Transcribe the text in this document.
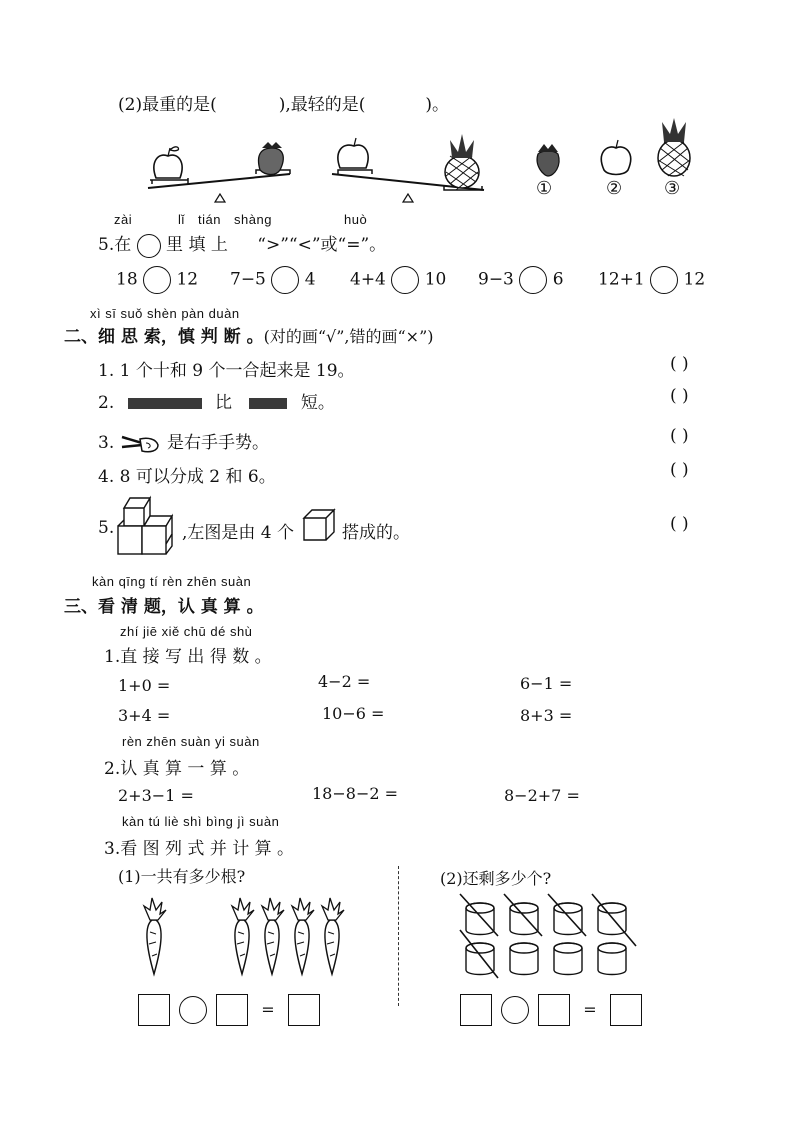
(2)最重的是(	),最轻的是(	)。
①	② ③
zài	lǐ tián shàng	huò
5.在 里 填 上 “>”“<”或“=”。
18 12 7−5 4 4+4 10 9−3 6 12+1 12
xì sī suǒ shèn pàn duàn
二、细 思 索，慎 判 断 。(对的画“√”,错的画“×”)
1. 1 个十和 9 个一合起来是 19。	( )
2.	比	短。	( )
3.	是右手手势。	( )
4. 8 可以分成 2 和 6。	( )
5.	,左图是由 4 个	搭成的。	( )
kàn qīng tí rèn zhēn suàn
三、看 清 题，认 真 算 。
zhí jiē xiě chū dé shù
1.直 接 写 出 得 数 。
1+0 =	4−2 =	6−1 =
3+4 =	10−6 =	8+3 =
rèn zhēn suàn yi suàn
2.认 真 算 一 算 。
2+3−1 =	18−8−2 =	8−2+7 =
kàn tú liè shì bìng jì suàn
3.看 图 列 式 并 计 算 。
(1)一共有多少根?	(2)还剩多少个?
=	=
